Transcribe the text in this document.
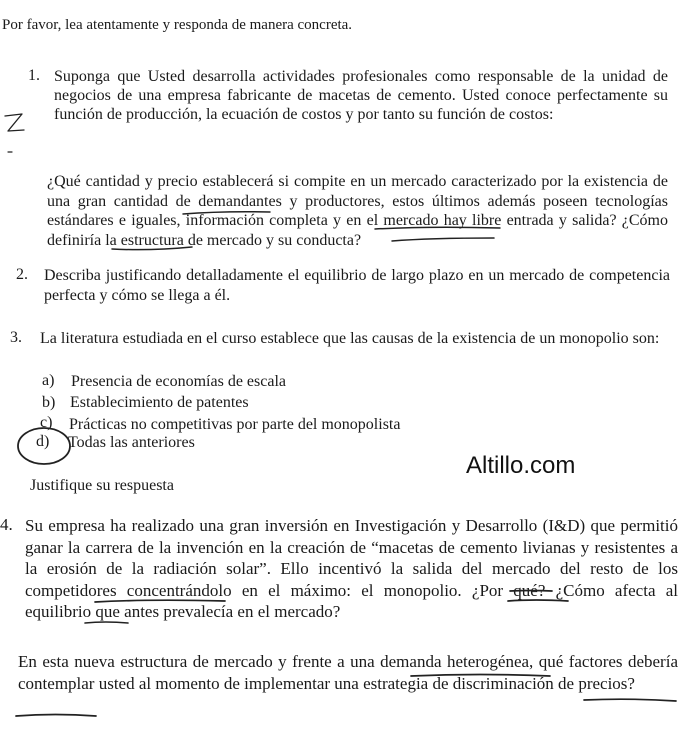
Por favor, lea atentamente y responda de manera concreta.

1. Suponga que Usted desarrolla actividades profesionales como responsable de la unidad de negocios de una empresa fabricante de macetas de cemento. Usted conoce perfectamente su función de producción, la ecuación de costos y por tanto su función de costos:

¿Qué cantidad y precio establecerá si compite en un mercado caracterizado por la existencia de una gran cantidad de demandantes y productores, estos últimos además poseen tecnologías estándares e iguales, información completa y en el mercado hay libre entrada y salida? ¿Cómo definiría la estructura de mercado y su conducta?

2. Describa justificando detalladamente el equilibrio de largo plazo en un mercado de competencia perfecta y cómo se llega a él.

3. La literatura estudiada en el curso establece que las causas de la existencia de un monopolio son:

a) Presencia de economías de escala
b) Establecimiento de patentes
c) Prácticas no competitivas por parte del monopolista
d) Todas las anteriores

Justifique su respuesta

Altillo.com
4. Su empresa ha realizado una gran inversión en Investigación y Desarrollo (I&D) que permitió ganar la carrera de la invención en la creación de “macetas de cemento livianas y resistentes a la erosión de la radiación solar”. Ello incentivó la salida del mercado del resto de los competidores concentrándolo en el máximo: el monopolio. ¿Por qué? ¿Cómo afecta al equilibrio que antes prevalecía en el mercado?

En esta nueva estructura de mercado y frente a una demanda heterogénea, qué factores debería contemplar usted al momento de implementar una estrategia de discriminación de precios?
